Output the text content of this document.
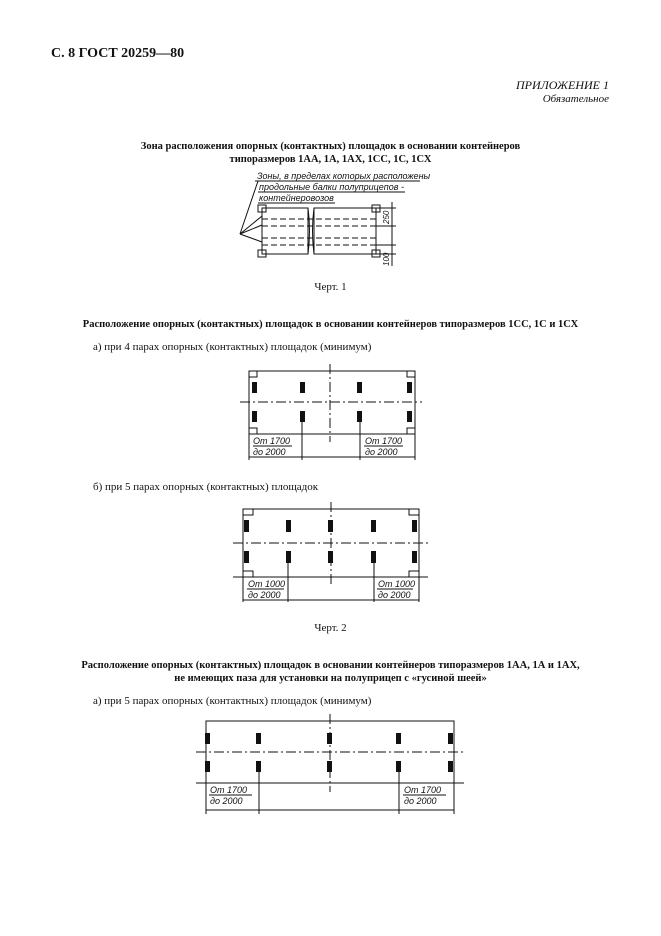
С. 8 ГОСТ 20259—80
ПРИЛОЖЕНИЕ 1
Обязательное
Зона расположения опорных (контактных) площадок в основании контейнеров
типоразмеров 1АА, 1А, 1АХ, 1СС, 1С, 1СХ
Зоны, в пределах которых расположены
продольные балки полуприцепов -
контейнеровозов
250
100
Черт. 1
Расположение опорных (контактных) площадок в основании контейнеров типоразмеров 1СС, 1С и 1СХ
а) при 4 парах опорных (контактных) площадок (минимум)
От 1700
до 2000
От 1700
до 2000
б) при 5 парах опорных (контактных) площадок
От 1000
до 2000
От 1000
до 2000
Черт. 2
Расположение опорных (контактных) площадок в основании контейнеров типоразмеров 1АА, 1А и 1АХ,
не имеющих паза для установки на полуприцеп с «гусиной шеей»
а) при 5 парах опорных (контактных) площадок (минимум)
От 1700
до 2000
От 1700
до 2000
